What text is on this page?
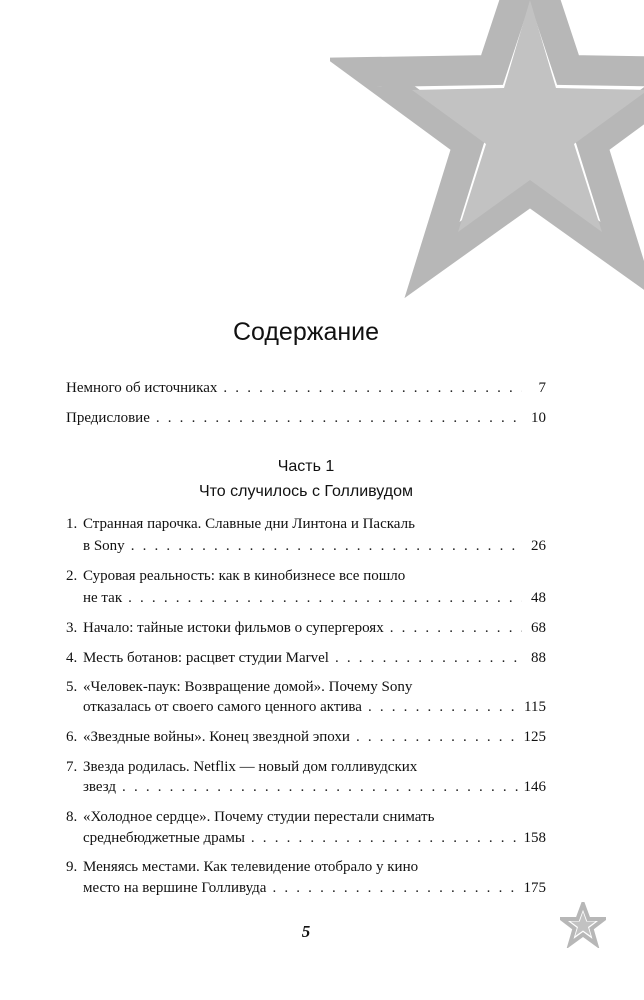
Содержание
Немного об источниках . . .	7
Предисловие . . .	10
Часть 1
Что случилось с Голливудом
1. Странная парочка. Славные дни Линтона и Паскаль
в Sony . . .	26
2. Суровая реальность: как в кинобизнесе все пошло
не так . . .	48
3. Начало: тайные истоки фильмов о супергероях . . .	68
4. Месть ботанов: расцвет студии Marvel . . .	88
5. «Человек-паук: Возвращение домой». Почему Sony
отказалась от своего самого ценного актива . . .	115
6. «Звездные войны». Конец звездной эпохи . . .	125
7. Звезда родилась. Netflix — новый дом голливудских
звезд . . .	146
8. «Холодное сердце». Почему студии перестали снимать
среднебюджетные драмы . . .	158
9. Меняясь местами. Как телевидение отобрало у кино
место на вершине Голливуда . . .	175
5
